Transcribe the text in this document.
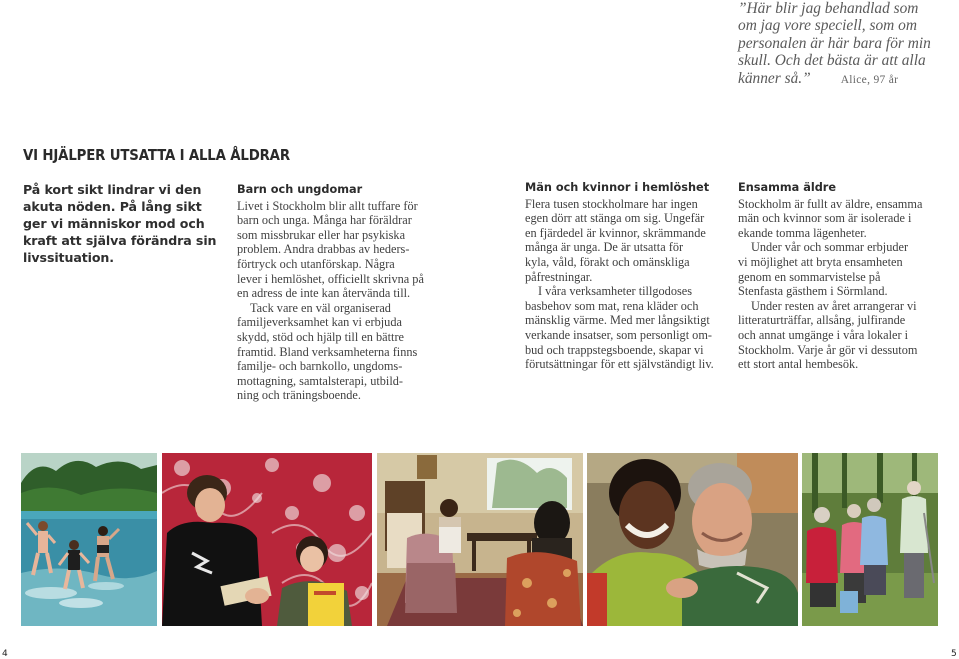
”Här blir jag behandlad som
om jag vore speciell, som om
personalen är här bara för min
skull. Och det bästa är att alla
känner så.”	Alice, 97 år
VI HJÄLPER UTSATTA I ALLA ÅLDRAR
På kort sikt lindrar vi den
akuta nöden. På lång sikt
ger vi människor mod och
kraft att själva förändra sin
livssituation.
Barn och ungdomar
Livet i Stockholm blir allt tuffare för
barn och unga. Många har föräldrar
som missbrukar eller har psykiska
problem. Andra drabbas av heders-
förtryck och utanförskap. Några
lever i hemlöshet, officiellt skrivna på
en adress de inte kan återvända till.
Tack vare en väl organiserad
familjeverksamhet kan vi erbjuda
skydd, stöd och hjälp till en bättre
framtid. Bland verksamheterna finns
familje- och barnkollo, ungdoms-
mottagning, samtalsterapi, utbild-
ning och träningsboende.
Män och kvinnor i hemlöshet
Flera tusen stockholmare har ingen
egen dörr att stänga om sig. Ungefär
en fjärdedel är kvinnor, skrämmande
många är unga. De är utsatta för
kyla, våld, förakt och omänskliga
påfrestningar.
I våra verksamheter tillgodoses
basbehov som mat, rena kläder och
mänsklig värme. Med mer långsiktigt
verkande insatser, som personligt om-
bud och trappstegsboende, skapar vi
förutsättningar för ett självständigt liv.
Ensamma äldre
Stockholm är fullt av äldre, ensamma
män och kvinnor som är isolerade i
ekande tomma lägenheter.
Under vår och sommar erbjuder
vi möjlighet att bryta ensamheten
genom en sommarvistelse på
Stenfasta gästhem i Sörmland.
Under resten av året arrangerar vi
litteraturträffar, allsång, julfirande
och annat umgänge i våra lokaler i
Stockholm. Varje år gör vi dessutom
ett stort antal hembesök.
4	5
